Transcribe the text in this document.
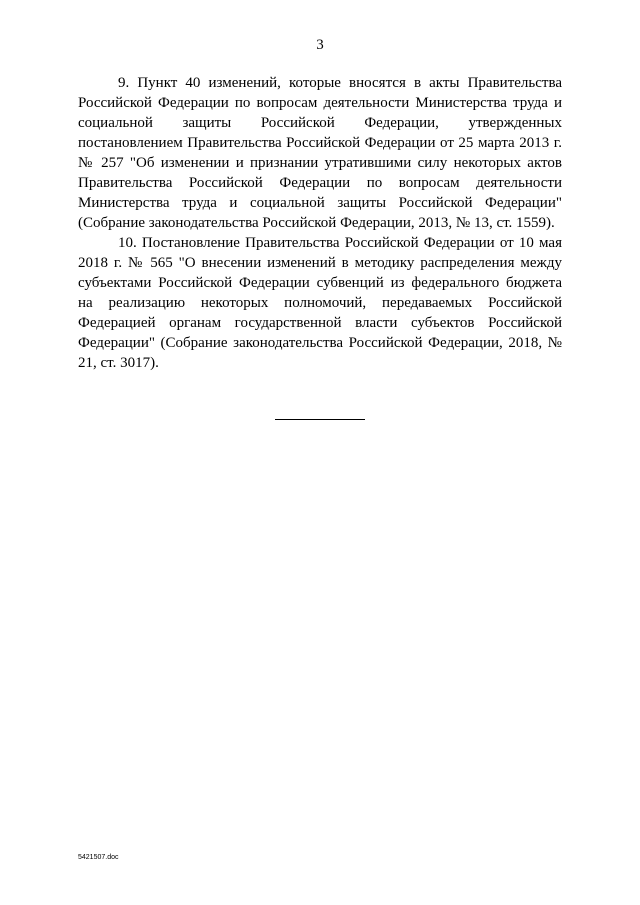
3

9. Пункт 40 изменений, которые вносятся в акты Правительства Российской Федерации по вопросам деятельности Министерства труда и социальной защиты Российской Федерации, утвержденных постановлением Правительства Российской Федерации от 25 марта 2013 г. № 257 "Об изменении и признании утратившими силу некоторых актов Правительства Российской Федерации по вопросам деятельности Министерства труда и социальной защиты Российской Федерации" (Собрание законодательства Российской Федерации, 2013, № 13, ст. 1559).

10. Постановление Правительства Российской Федерации от 10 мая 2018 г. № 565 "О внесении изменений в методику распределения между субъектами Российской Федерации субвенций из федерального бюджета на реализацию некоторых полномочий, передаваемых Российской Федерацией органам государственной власти субъектов Российской Федерации" (Собрание законодательства Российской Федерации, 2018, № 21, ст. 3017).

5421507.doc
